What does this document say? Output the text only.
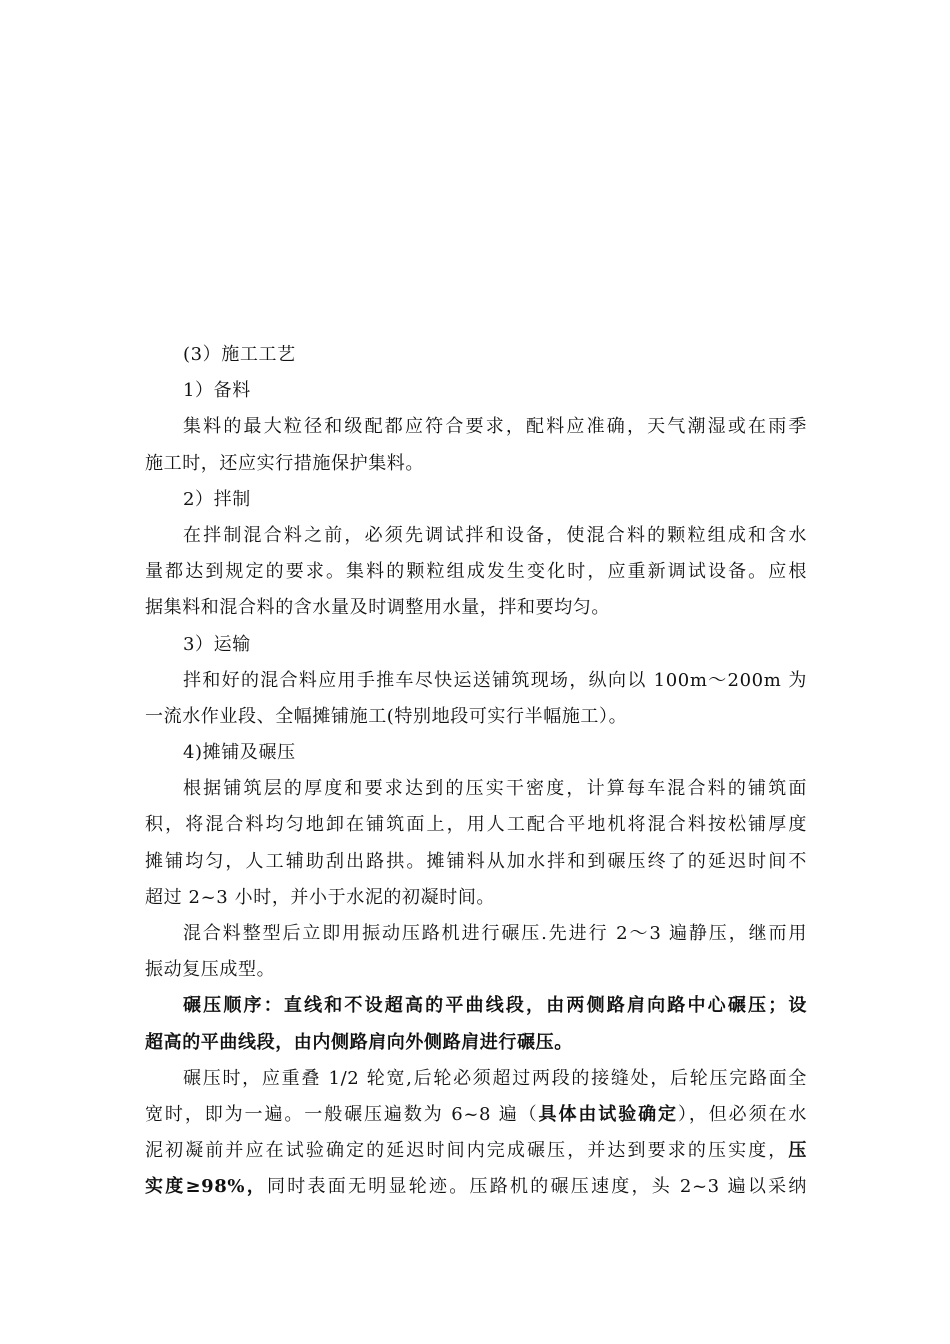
(3）施工工艺
1）备料
集料的最大粒径和级配都应符合要求，配料应准确，天气潮湿或在雨季
施工时，还应实行措施保护集料。
2）拌制
在拌制混合料之前，必须先调试拌和设备，使混合料的颗粒组成和含水
量都达到规定的要求。集料的颗粒组成发生变化时，应重新调试设备。应根
据集料和混合料的含水量及时调整用水量，拌和要均匀。
3）运输
拌和好的混合料应用手推车尽快运送铺筑现场，纵向以 100m～200m 为
一流水作业段、全幅摊铺施工(特别地段可实行半幅施工）。
4)摊铺及碾压
根据铺筑层的厚度和要求达到的压实干密度，计算每车混合料的铺筑面
积，将混合料均匀地卸在铺筑面上，用人工配合平地机将混合料按松铺厚度
摊铺均匀，人工辅助刮出路拱。摊铺料从加水拌和到碾压终了的延迟时间不
超过 2~3 小时，并小于水泥的初凝时间。
混合料整型后立即用振动压路机进行碾压.先进行 2～3 遍静压，继而用
振动复压成型。
碾压顺序：直线和不设超高的平曲线段，由两侧路肩向路中心碾压；设
超高的平曲线段，由内侧路肩向外侧路肩进行碾压。
碾压时，应重叠 1/2 轮宽,后轮必须超过两段的接缝处，后轮压完路面全
宽时，即为一遍。一般碾压遍数为 6~8 遍（具体由试验确定），但必须在水
泥初凝前并应在试验确定的延迟时间内完成碾压，并达到要求的压实度，压
实度≥98%，同时表面无明显轮迹。压路机的碾压速度，头 2~3 遍以采纳
